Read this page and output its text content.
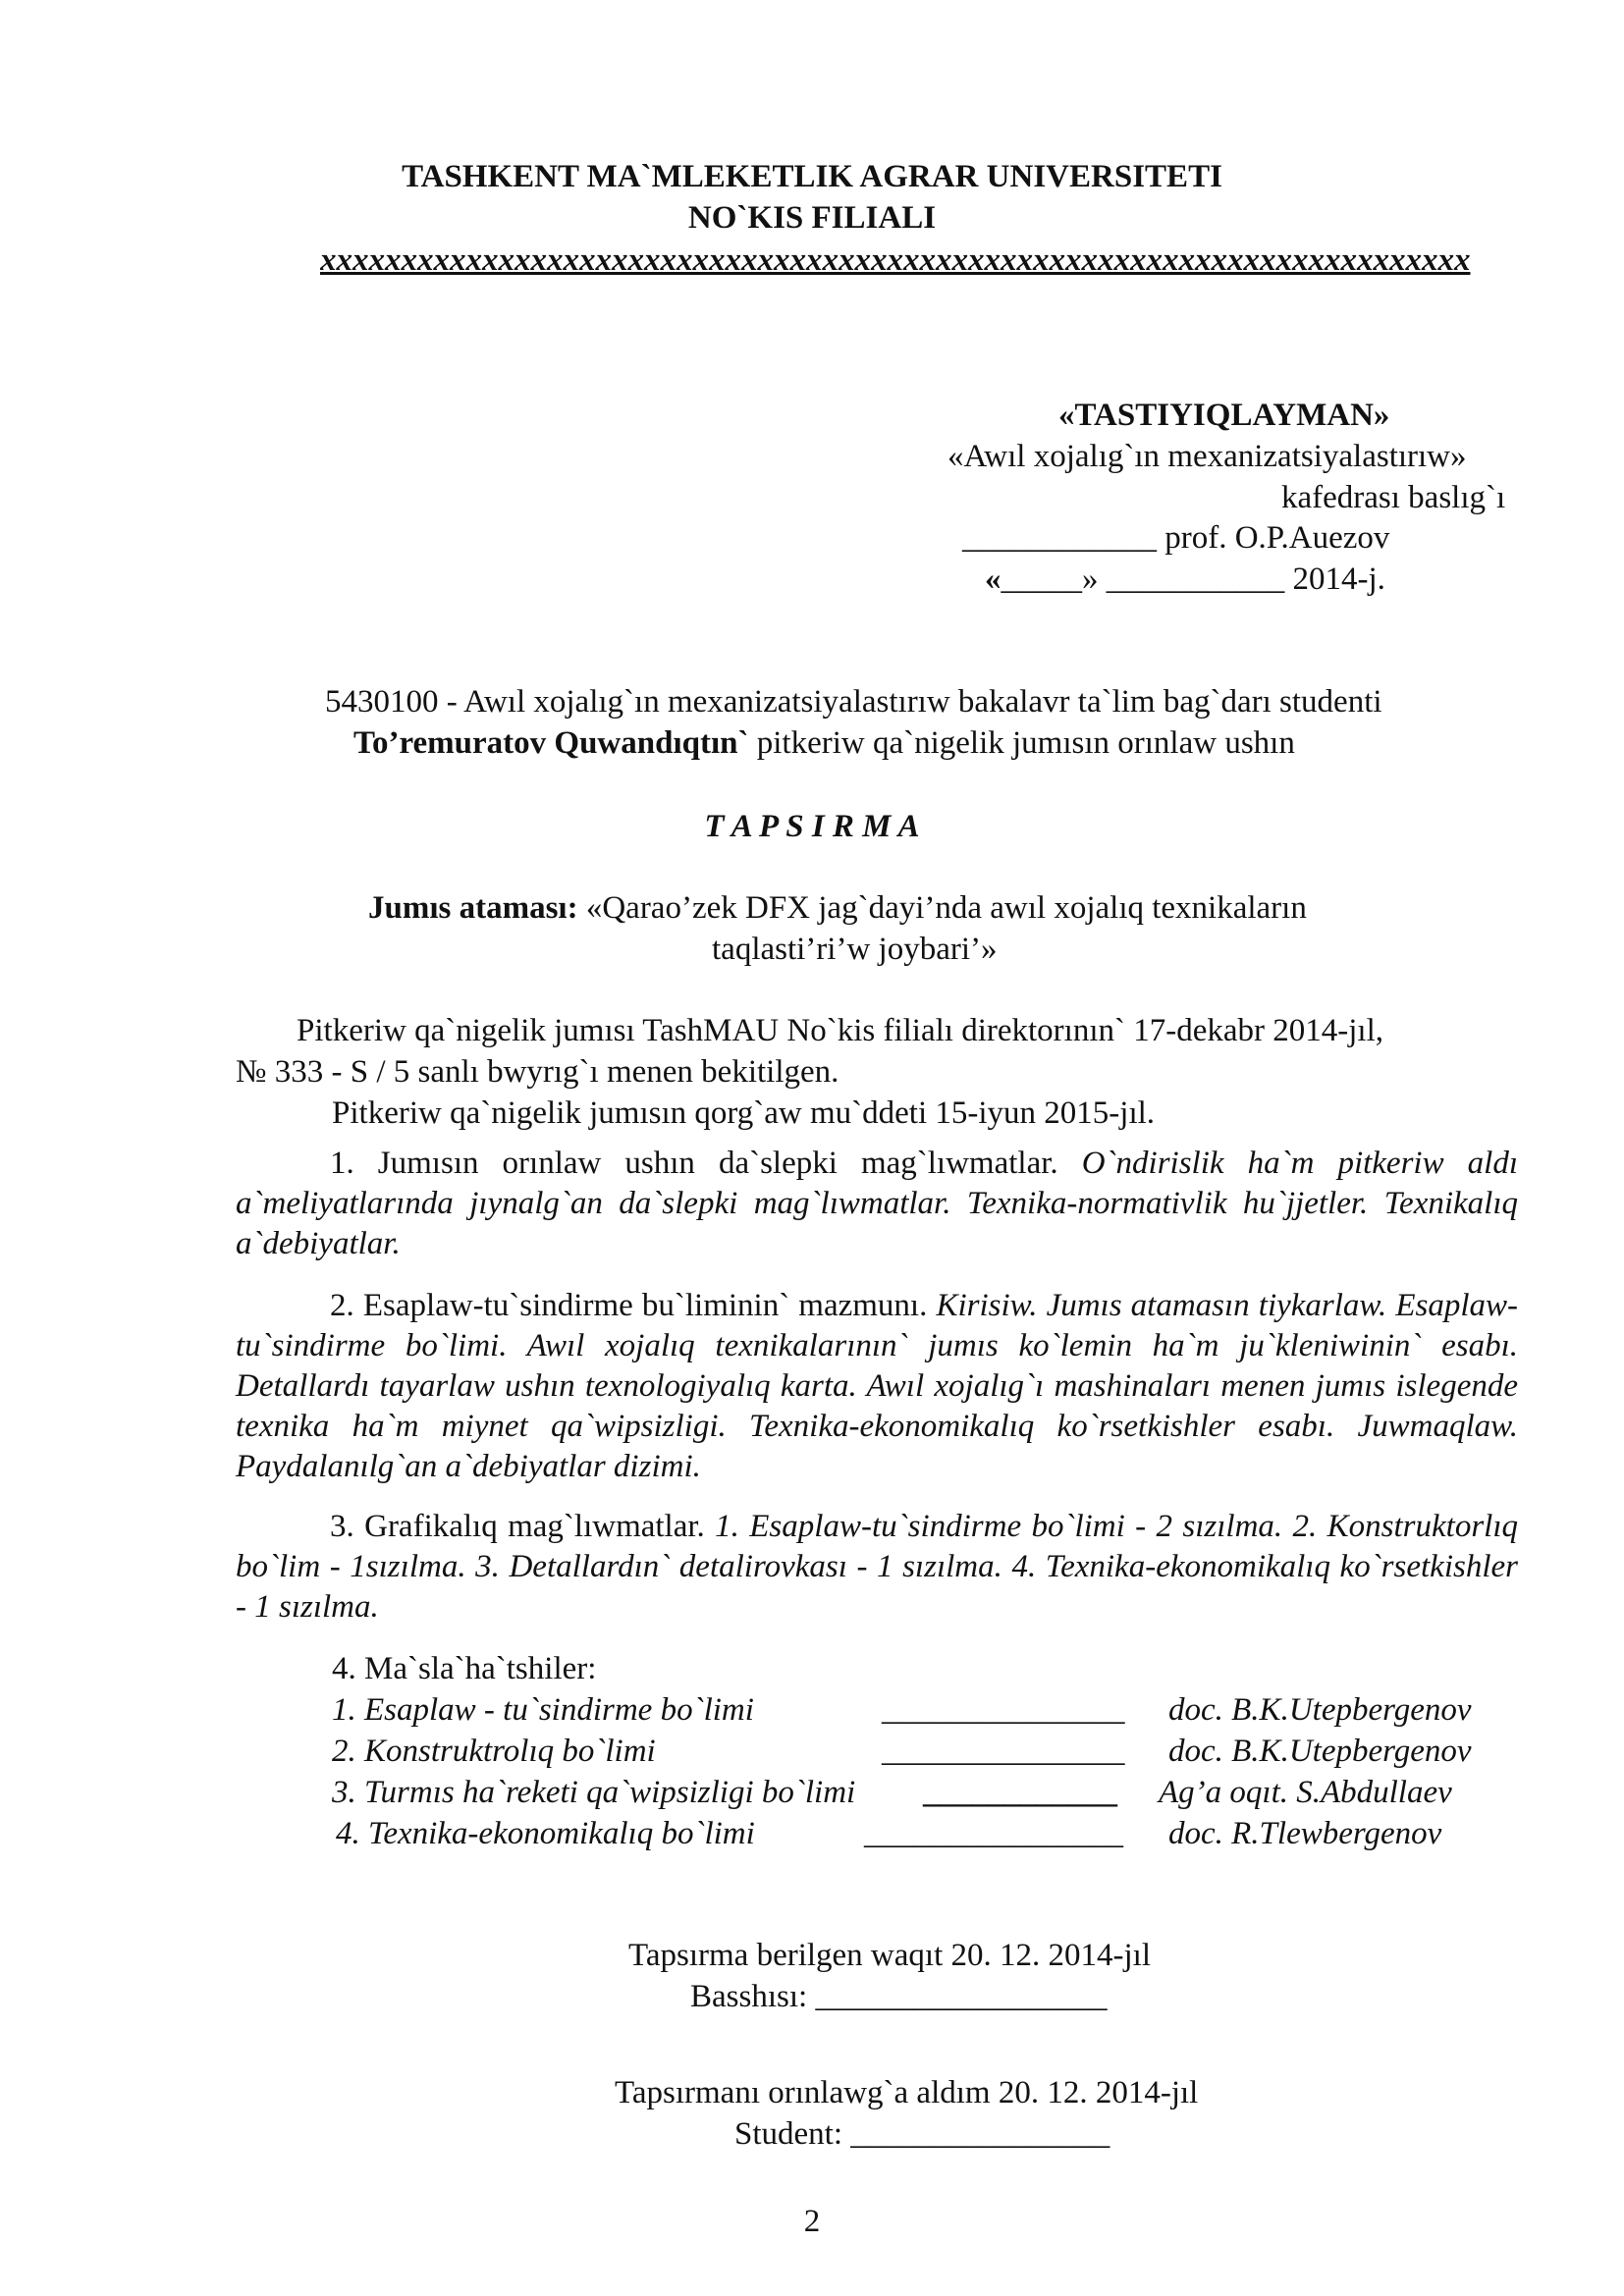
TASHKENT MA`MLEKETLIK AGRAR UNIVERSITETI
NO`KIS FILIALI
xxxxxxxxxxxxxxxxxxxxxxxxxxxxxxxxxxxxxxxxxxxxxxxxxxxxxxxxxxxxxxxxxxxxxxx
«TASTIYIQLAYMAN»
«Awıl xojalıg`ın mexanizatsiyalastırıw»
kafedrası baslıg`ı
____________ prof. O.P.Auezov
«_____» ___________ 2014-j.
5430100 - Awıl xojalıg`ın mexanizatsiyalastırıw bakalavr ta`lim bag`darı studenti
To’remuratov Quwandıqtın` pitkeriw qa`nigelik jumısın orınlaw ushın
T A P S I R M A
Jumıs ataması: «Qarao’zek DFX jag`dayi’nda awıl xojalıq texnikaların
taqlasti’ri’w joybari’»
Pitkeriw qa`nigelik jumısı TashMAU No`kis filialı direktorının` 17-dekabr 2014-jıl,
№ 333 - S / 5 sanlı bwyrıg`ı menen bekitilgen.
Pitkeriw qa`nigelik jumısın qorg`aw mu`ddeti 15-iyun 2015-jıl.
1. Jumısın orınlaw ushın da`slepki mag`lıwmatlar. O`ndirislik ha`m pitkeriw aldı a`meliyatlarında jıynalg`an da`slepki mag`lıwmatlar. Texnika-normativlik hu`jjetler. Texnikalıq a`debiyatlar.
2. Esaplaw-tu`sindirme bu`liminin` mazmunı. Kirisiw. Jumıs atamasın tiykarlaw. Esaplaw-tu`sindirme bo`limi. Awıl xojalıq texnikalarının` jumıs ko`lemin ha`m ju`kleniwinin` esabı. Detallardı tayarlaw ushın texnologiyalıq karta. Awıl xojalıg`ı mashinaları menen jumıs islegende texnika ha`m miynet qa`wipsizligi. Texnika-ekonomikalıq ko`rsetkishler esabı. Juwmaqlaw. Paydalanılg`an a`debiyatlar dizimi.
3. Grafikalıq mag`lıwmatlar. 1. Esaplaw-tu`sindirme bo`limi - 2 sızılma. 2. Konstruktorlıq bo`lim - 1sızılma. 3. Detallardın` detalirovkası - 1 sızılma. 4. Texnika-ekonomikalıq ko`rsetkishler - 1 sızılma.
4. Ma`sla`ha`tshiler:
1. Esaplaw - tu`sindirme bo`limi	_______________ doc. B.K.Utepbergenov
2. Konstruktrolıq bo`limi	_______________ doc. B.K.Utepbergenov
3. Turmıs ha`reketi qa`wipsizligi bo`limi ____________ Ag’a oqıt. S.Abdullaev
4. Texnika-ekonomikalıq bo`limi	________________ doc. R.Tlewbergenov
Tapsırma berilgen waqıt 20. 12. 2014-jıl
Basshısı: __________________
Tapsırmanı orınlawg`a aldım 20. 12. 2014-jıl
Student: ________________
2
